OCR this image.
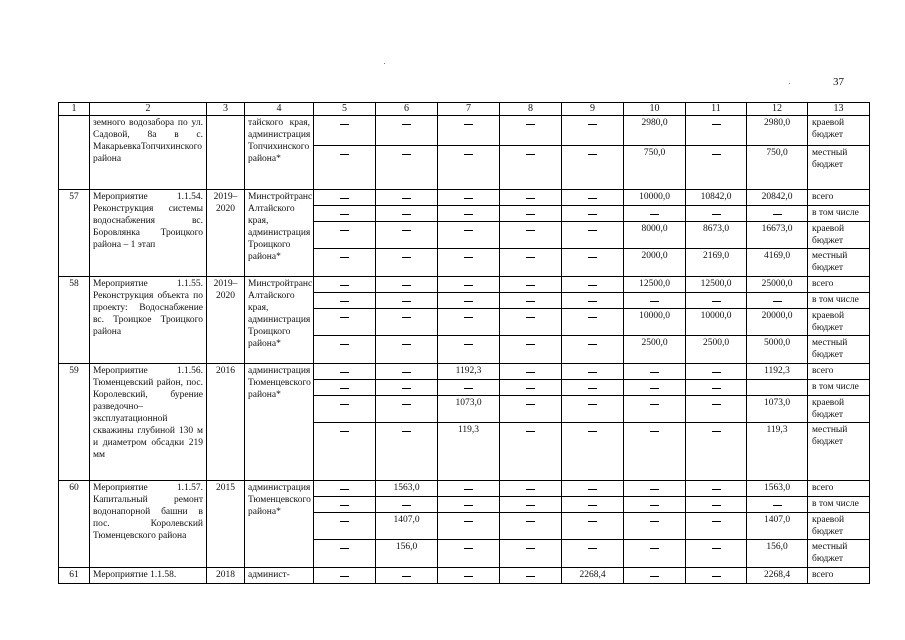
37
1	2	3	4	5	6	7	8	9	10	11	12	13
	земного водозабора по ул. Садовой, 8а в с. МакарьевкаТопчихинского района		тайского края, администрация Топчихинского района*						2980,0		2980,0	краевой бюджет
									750,0		750,0	местный бюджет
57	Мероприятие 1.1.54. Реконструкция системы водоснабжения вс. Боровлянка Троицкого района – 1 этап	2019–2020	Минстройтранс Алтайского края, администрация Троицкого района*						10000,0	10842,0	20842,0	всего
												в том числе
									8000,0	8673,0	16673,0	краевой бюджет
									2000,0	2169,0	4169,0	местный бюджет
58	Мероприятие 1.1.55. Реконструкция объекта по проекту: Водоснабжение вс. Троицкое Троицкого района	2019–2020	Минстройтранс Алтайского края, администрация Троицкого района*						12500,0	12500,0	25000,0	всего
												в том числе
									10000,0	10000,0	20000,0	краевой бюджет
									2500,0	2500,0	5000,0	местный бюджет
59	Мероприятие 1.1.56. Тюменцевский район, пос. Королевский, бурение разведочно–эксплуатационной скважины глубиной 130 м и диаметром обсадки 219 мм	2016	администрация Тюменцевского района*			1192,3					1192,3	всего
												в том числе
						1073,0					1073,0	краевой бюджет
						119,3					119,3	местный бюджет
60	Мероприятие 1.1.57. Капитальный ремонт водонапорной башни в пос. Королевский Тюменцевского района	2015	администрация Тюменцевского района*		1563,0						1563,0	всего
												в том числе
					1407,0						1407,0	краевой бюджет
					156,0						156,0	местный бюджет
61	Мероприятие 1.1.58.	2018	админист-					2268,4			2268,4	всего
